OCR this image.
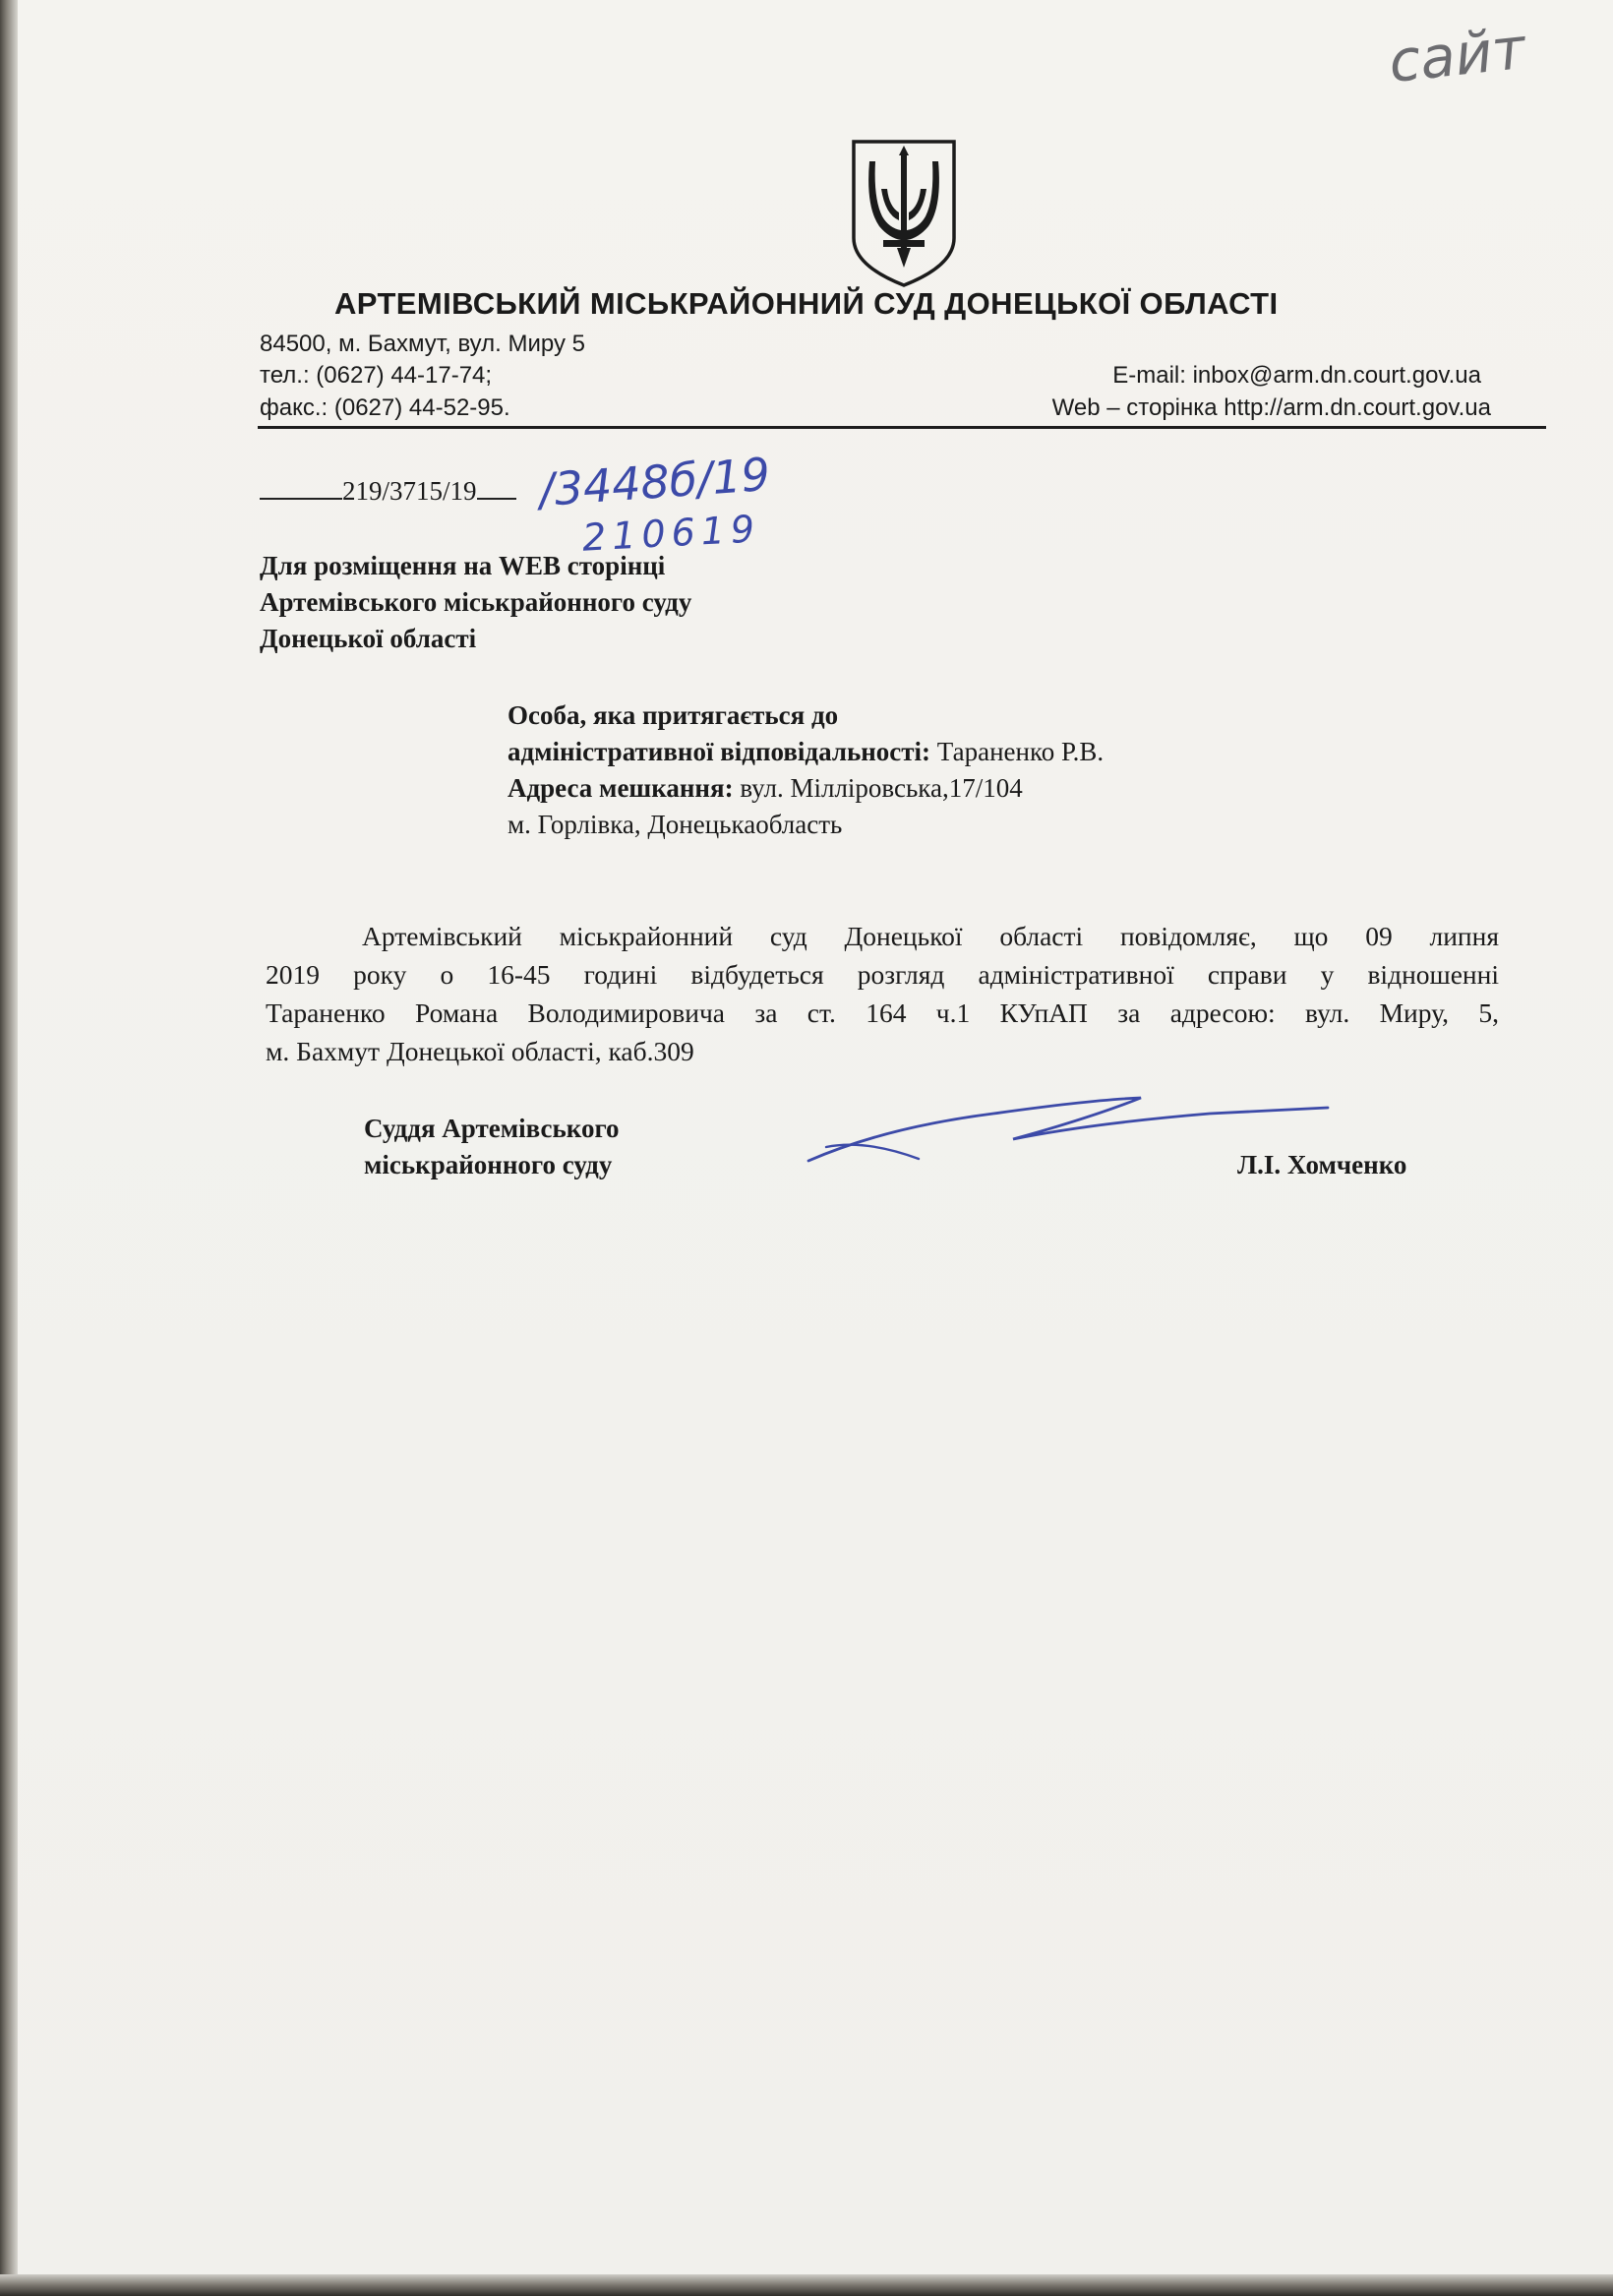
сайт
АРТЕМІВСЬКИЙ МІСЬКРАЙОННИЙ СУД ДОНЕЦЬКОЇ ОБЛАСТІ
84500, м. Бахмут, вул. Миру 5
тел.: (0627) 44-17-74;
факс.: (0627) 44-52-95.
E-mail: inbox@arm.dn.court.gov.ua
Web – сторінка http://arm.dn.court.gov.ua
219/3715/19	/3448б/19
210619
Для розміщення на WEB сторінці
Артемівського міськрайонного суду
Донецької області
Особа, яка притягається до
адміністративної відповідальності: Тараненко Р.В.
Адреса мешкання: вул. Мілліровська,17/104
м. Горлівка, Донецькаобласть
Артемівський міськрайонний суд Донецької області повідомляє, що 09 липня
2019 року о 16-45 годині відбудеться розгляд адміністративної справи у відношенні
Тараненко Романа Володимировича за ст. 164 ч.1 КУпАП за адресою: вул. Миру, 5,
м. Бахмут Донецької області, каб.309
Суддя Артемівського
міськрайонного суду	Л.І. Хомченко
